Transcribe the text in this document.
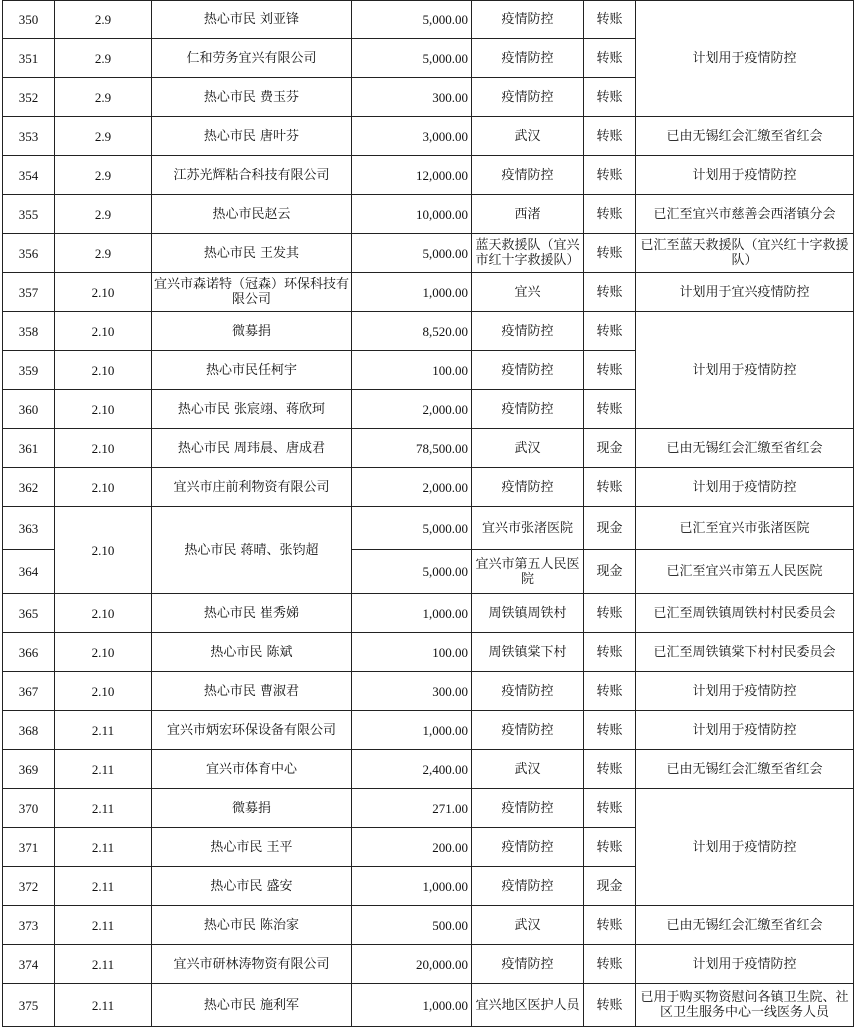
350	2.9	热心市民 刘亚锋	5,000.00	疫情防控	转账	计划用于疫情防控
351	2.9	仁和劳务宜兴有限公司	5,000.00	疫情防控	转账	
352	2.9	热心市民 费玉芬	300.00	疫情防控	转账	
353	2.9	热心市民 唐叶芬	3,000.00	武汉	转账	已由无锡红会汇缴至省红会
354	2.9	江苏光辉粘合科技有限公司	12,000.00	疫情防控	转账	计划用于疫情防控
355	2.9	热心市民赵云	10,000.00	西渚	转账	已汇至宜兴市慈善会西渚镇分会
356	2.9	热心市民 王发其	5,000.00	蓝天救援队（宜兴市红十字救援队）	转账	已汇至蓝天救援队（宜兴红十字救援队）
357	2.10	宜兴市森诺特（冠森）环保科技有限公司	1,000.00	宜兴	转账	计划用于宜兴疫情防控
358	2.10	微募捐	8,520.00	疫情防控	转账	计划用于疫情防控
359	2.10	热心市民任柯宇	100.00	疫情防控	转账	
360	2.10	热心市民 张宸翊、蒋欣珂	2,000.00	疫情防控	转账	
361	2.10	热心市民 周玮晨、唐成君	78,500.00	武汉	现金	已由无锡红会汇缴至省红会
362	2.10	宜兴市庄前利物资有限公司	2,000.00	疫情防控	转账	计划用于疫情防控
363	2.10	热心市民 蒋晴、张钧超	5,000.00	宜兴市张渚医院	现金	已汇至宜兴市张渚医院
364			5,000.00	宜兴市第五人民医院	现金	已汇至宜兴市第五人民医院
365	2.10	热心市民 崔秀娣	1,000.00	周铁镇周铁村	转账	已汇至周铁镇周铁村村民委员会
366	2.10	热心市民 陈斌	100.00	周铁镇棠下村	转账	已汇至周铁镇棠下村村民委员会
367	2.10	热心市民 曹淑君	300.00	疫情防控	转账	计划用于疫情防控
368	2.11	宜兴市炳宏环保设备有限公司	1,000.00	疫情防控	转账	计划用于疫情防控
369	2.11	宜兴市体育中心	2,400.00	武汉	转账	已由无锡红会汇缴至省红会
370	2.11	微募捐	271.00	疫情防控	转账	计划用于疫情防控
371	2.11	热心市民 王平	200.00	疫情防控	转账	
372	2.11	热心市民 盛安	1,000.00	疫情防控	现金	
373	2.11	热心市民 陈治家	500.00	武汉	转账	已由无锡红会汇缴至省红会
374	2.11	宜兴市研林涛物资有限公司	20,000.00	疫情防控	转账	计划用于疫情防控
375	2.11	热心市民 施利军	1,000.00	宜兴地区医护人员	转账	已用于购买物资慰问各镇卫生院、社区卫生服务中心一线医务人员
